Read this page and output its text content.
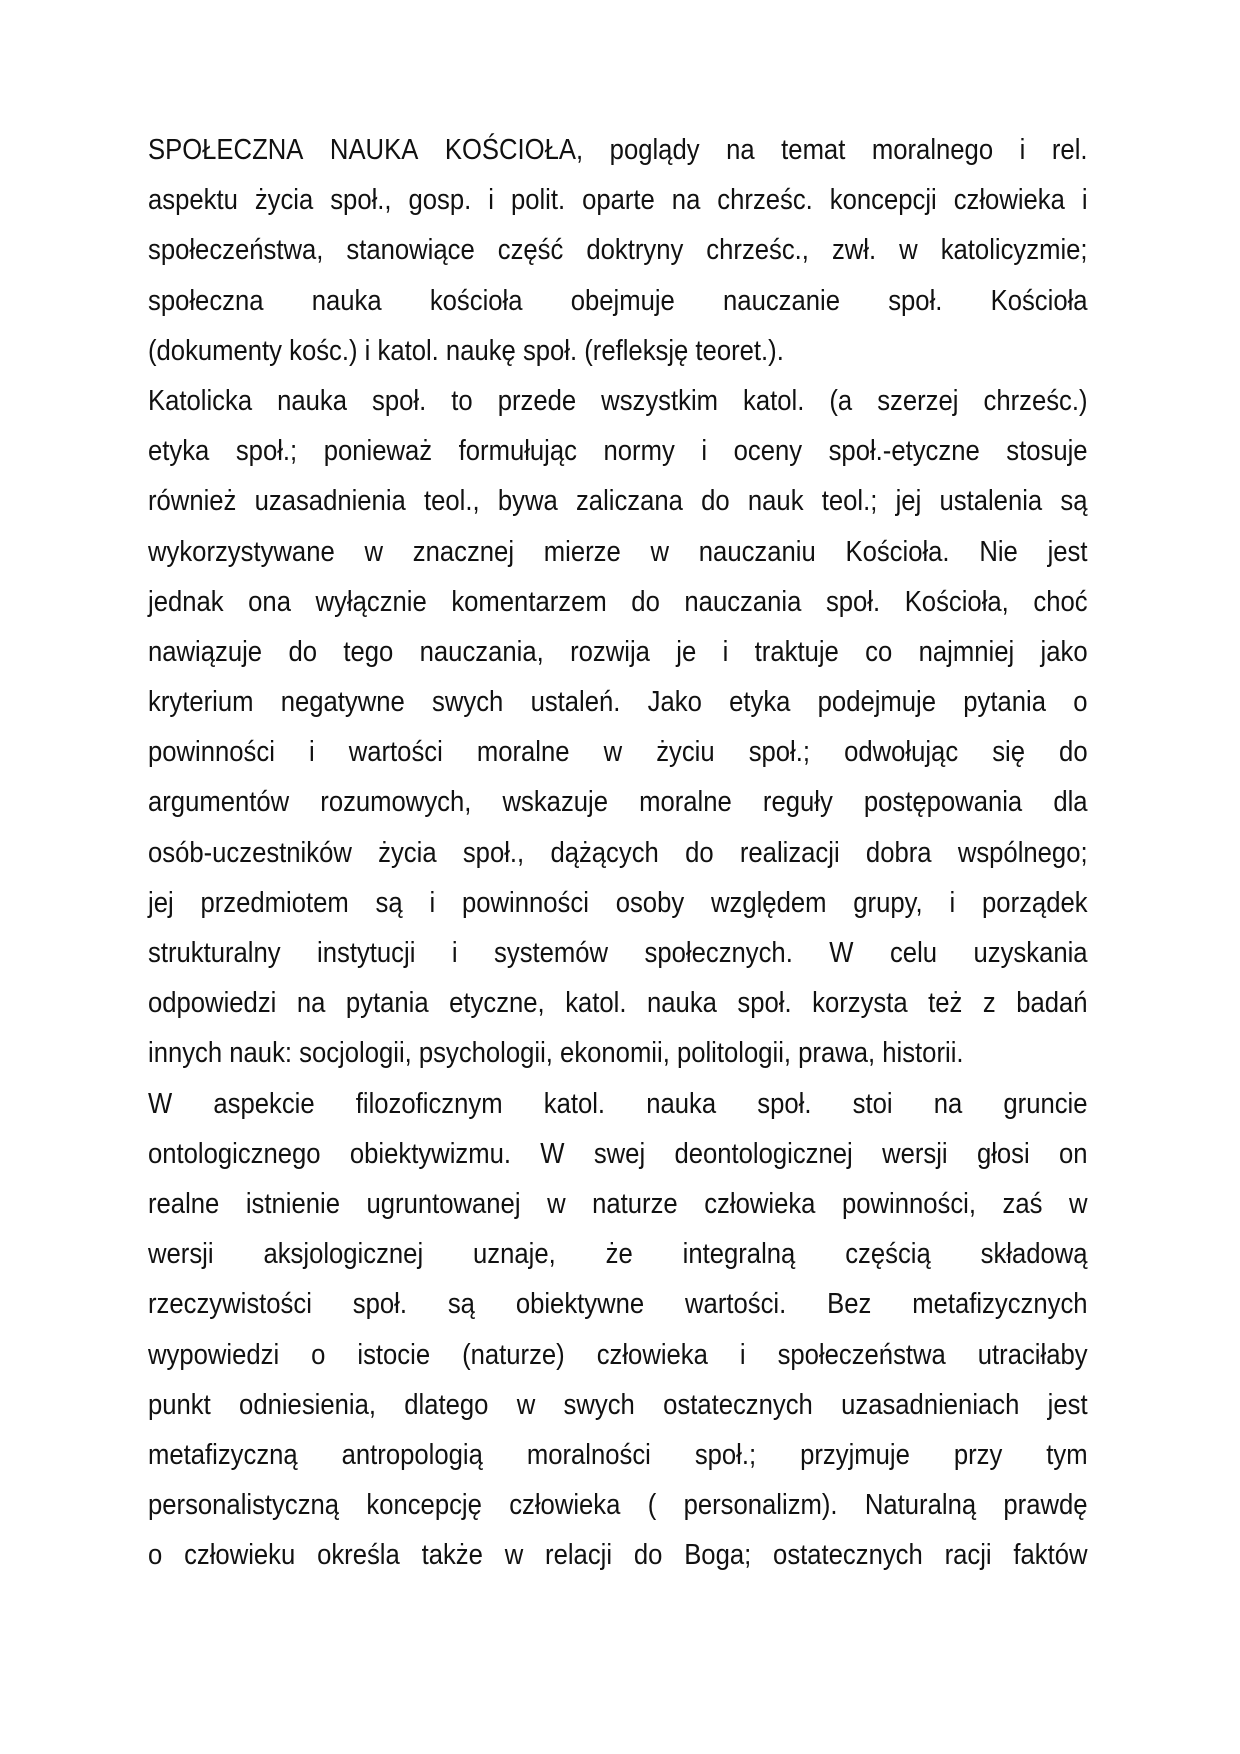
SPOŁECZNA NAUKA KOŚCIOŁA, poglądy na temat moralnego i rel.
aspektu życia społ., gosp. i polit. oparte na chrześc. koncepcji człowieka i
społeczeństwa, stanowiące część doktryny chrześc., zwł. w katolicyzmie;
społeczna nauka kościoła obejmuje nauczanie społ. Kościoła
(dokumenty kośc.) i katol. naukę społ. (refleksję teoret.).
Katolicka nauka społ. to przede wszystkim katol. (a szerzej chrześc.)
etyka społ.; ponieważ formułując normy i oceny społ.-etyczne stosuje
również uzasadnienia teol., bywa zaliczana do nauk teol.; jej ustalenia są
wykorzystywane w znacznej mierze w nauczaniu Kościoła. Nie jest
jednak ona wyłącznie komentarzem do nauczania społ. Kościoła, choć
nawiązuje do tego nauczania, rozwija je i traktuje co najmniej jako
kryterium negatywne swych ustaleń. Jako etyka podejmuje pytania o
powinności i wartości moralne w życiu społ.; odwołując się do
argumentów rozumowych, wskazuje moralne reguły postępowania dla
osób-uczestników życia społ., dążących do realizacji dobra wspólnego;
jej przedmiotem są i powinności osoby względem grupy, i porządek
strukturalny instytucji i systemów społecznych. W celu uzyskania
odpowiedzi na pytania etyczne, katol. nauka społ. korzysta też z badań
innych nauk: socjologii, psychologii, ekonomii, politologii, prawa, historii.
W aspekcie filozoficznym katol. nauka społ. stoi na gruncie
ontologicznego obiektywizmu. W swej deontologicznej wersji głosi on
realne istnienie ugruntowanej w naturze człowieka powinności, zaś w
wersji aksjologicznej uznaje, że integralną częścią składową
rzeczywistości społ. są obiektywne wartości. Bez metafizycznych
wypowiedzi o istocie (naturze) człowieka i społeczeństwa utraciłaby
punkt odniesienia, dlatego w swych ostatecznych uzasadnieniach jest
metafizyczną antropologią moralności społ.; przyjmuje przy tym
personalistyczną koncepcję człowieka ( personalizm). Naturalną prawdę
o człowieku określa także w relacji do Boga; ostatecznych racji faktów
